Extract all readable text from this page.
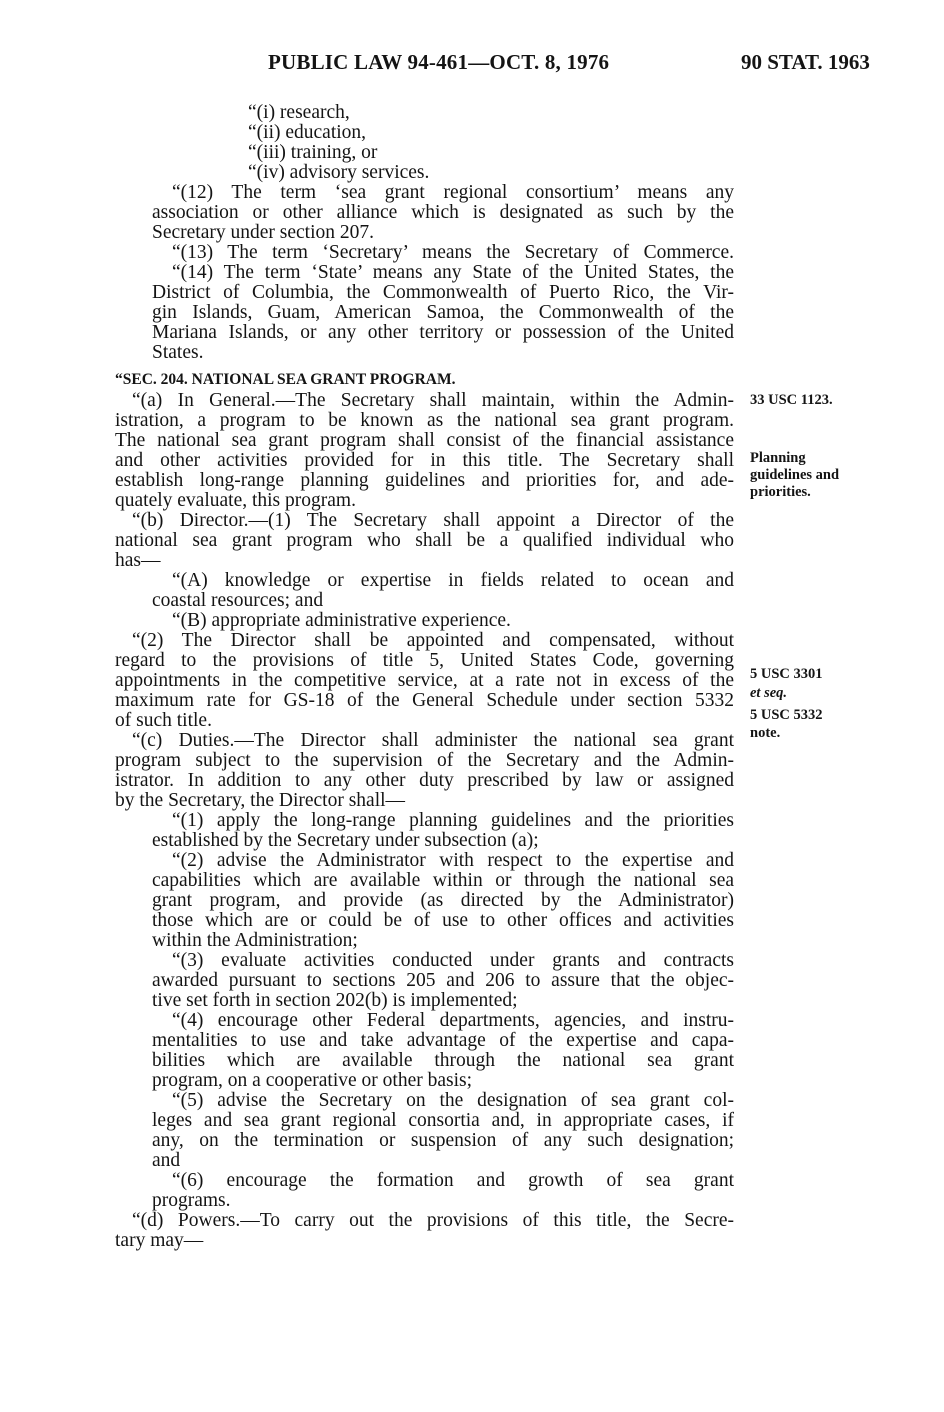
PUBLIC LAW 94-461—OCT. 8, 1976	90 STAT. 1963
“(i) research,
“(ii) education,
“(iii) training, or
“(iv) advisory services.
“(12) The term ‘sea grant regional consortium’ means any
association or other alliance which is designated as such by the
Secretary under section 207.
“(13) The term ‘Secretary’ means the Secretary of Commerce.
“(14) The term ‘State’ means any State of the United States, the
District of Columbia, the Commonwealth of Puerto Rico, the Vir-
gin Islands, Guam, American Samoa, the Commonwealth of the
Mariana Islands, or any other territory or possession of the United
States.
“SEC. 204. NATIONAL SEA GRANT PROGRAM.
“(a) In General.—The Secretary shall maintain, within the Admin-
istration, a program to be known as the national sea grant program.
The national sea grant program shall consist of the financial assistance
and other activities provided for in this title. The Secretary shall
establish long-range planning guidelines and priorities for, and ade-
quately evaluate, this program.
“(b) Director.—(1) The Secretary shall appoint a Director of the
national sea grant program who shall be a qualified individual who
has—
“(A) knowledge or expertise in fields related to ocean and
coastal resources; and
“(B) appropriate administrative experience.
“(2) The Director shall be appointed and compensated, without
regard to the provisions of title 5, United States Code, governing
appointments in the competitive service, at a rate not in excess of the
maximum rate for GS-18 of the General Schedule under section 5332
of such title.
“(c) Duties.—The Director shall administer the national sea grant
program subject to the supervision of the Secretary and the Admin-
istrator. In addition to any other duty prescribed by law or assigned
by the Secretary, the Director shall—
“(1) apply the long-range planning guidelines and the priorities
established by the Secretary under subsection (a);
“(2) advise the Administrator with respect to the expertise and
capabilities which are available within or through the national sea
grant program, and provide (as directed by the Administrator)
those which are or could be of use to other offices and activities
within the Administration;
“(3) evaluate activities conducted under grants and contracts
awarded pursuant to sections 205 and 206 to assure that the objec-
tive set forth in section 202(b) is implemented;
“(4) encourage other Federal departments, agencies, and instru-
mentalities to use and take advantage of the expertise and capa-
bilities which are available through the national sea grant
program, on a cooperative or other basis;
“(5) advise the Secretary on the designation of sea grant col-
leges and sea grant regional consortia and, in appropriate cases, if
any, on the termination or suspension of any such designation;
and
“(6) encourage the formation and growth of sea grant
programs.
“(d) Powers.—To carry out the provisions of this title, the Secre-
tary may—
33 USC 1123.
Planning
guidelines and
priorities.
5 USC 3301
et seq.
5 USC 5332
note.
